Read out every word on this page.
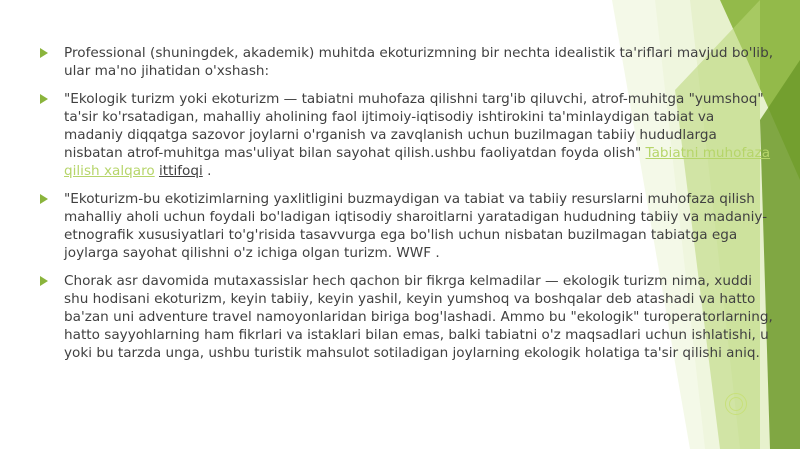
Professional (shuningdek, akademik) muhitda ekoturizmning bir nechta idealistik ta'riflari mavjud bo'lib, ular ma'no jihatidan o'xshash:
"Ekologik turizm yoki ekoturizm — tabiatni muhofaza qilishni targ'ib qiluvchi, atrof-muhitga "yumshoq" ta'sir ko'rsatadigan, mahalliy aholining faol ijtimoiy-iqtisodiy ishtirokini ta'minlaydigan tabiat va madaniy diqqatga sazovor joylarni o'rganish va zavqlanish uchun buzilmagan tabiiy hududlarga nisbatan atrof-muhitga mas'uliyat bilan sayohat qilish.ushbu faoliyatdan foyda olish" Tabiatni muhofaza qilish xalqaro ittifoqi .
"Ekoturizm-bu ekotizimlarning yaxlitligini buzmaydigan va tabiat va tabiiy resurslarni muhofaza qilish mahalliy aholi uchun foydali bo'ladigan iqtisodiy sharoitlarni yaratadigan hududning tabiiy va madaniy-etnografik xususiyatlari to'g'risida tasavvurga ega bo'lish uchun nisbatan buzilmagan tabiatga ega joylarga sayohat qilishni o'z ichiga olgan turizm. WWF .
Chorak asr davomida mutaxassislar hech qachon bir fikrga kelmadilar — ekologik turizm nima, xuddi shu hodisani ekoturizm, keyin tabiiy, keyin yashil, keyin yumshoq va boshqalar deb atashadi va hatto ba'zan uni adventure travel namoyonlaridan biriga bog'lashadi. Ammo bu "ekologik" turoperatorlarning, hatto sayyohlarning ham fikrlari va istaklari bilan emas, balki tabiatni o'z maqsadlari uchun ishlatishi, u yoki bu tarzda unga, ushbu turistik mahsulot sotiladigan joylarning ekologik holatiga ta'sir qilishi aniq.
